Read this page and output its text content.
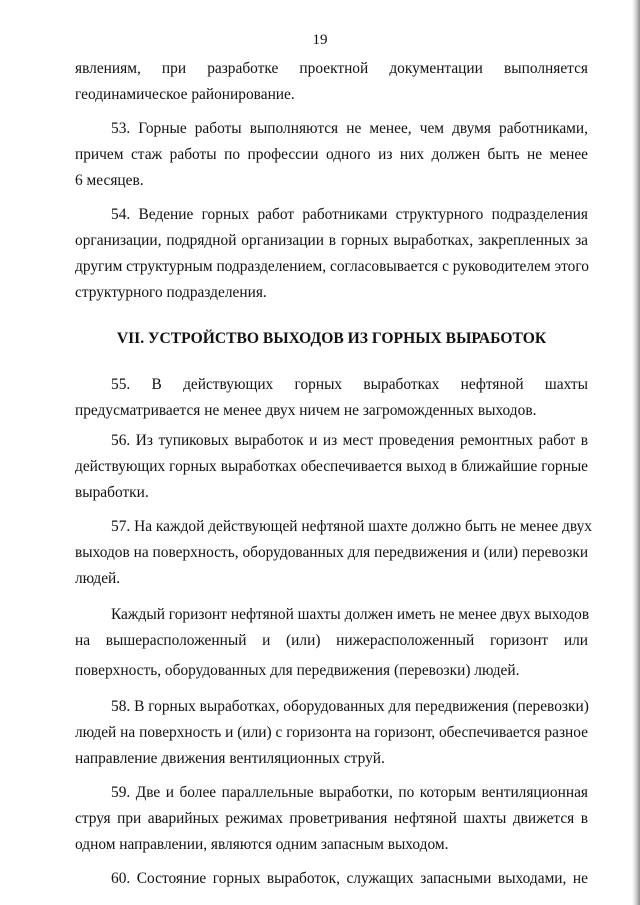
19
явлениям, при разработке проектной документации выполняется
геодинамическое районирование.
53. Горные работы выполняются не менее, чем двумя работниками,
причем стаж работы по профессии одного из них должен быть не менее
6 месяцев.
54. Ведение горных работ работниками структурного подразделения
организации, подрядной организации в горных выработках, закрепленных за
другим структурным подразделением, согласовывается с руководителем этого
структурного подразделения.
VII. УСТРОЙСТВО ВЫХОДОВ ИЗ ГОРНЫХ ВЫРАБОТОК
55. В действующих горных выработках нефтяной шахты
предусматривается не менее двух ничем не загроможденных выходов.
56. Из тупиковых выработок и из мест проведения ремонтных работ в
действующих горных выработках обеспечивается выход в ближайшие горные
выработки.
57. На каждой действующей нефтяной шахте должно быть не менее двух
выходов на поверхность, оборудованных для передвижения и (или) перевозки
людей.
Каждый горизонт нефтяной шахты должен иметь не менее двух выходов
на вышерасположенный и (или) нижерасположенный горизонт или
поверхность, оборудованных для передвижения (перевозки) людей.
58. В горных выработках, оборудованных для передвижения (перевозки)
людей на поверхность и (или) с горизонта на горизонт, обеспечивается разное
направление движения вентиляционных струй.
59. Две и более параллельные выработки, по которым вентиляционная
струя при аварийных режимах проветривания нефтяной шахты движется в
одном направлении, являются одним запасным выходом.
60. Состояние горных выработок, служащих запасными выходами, не
